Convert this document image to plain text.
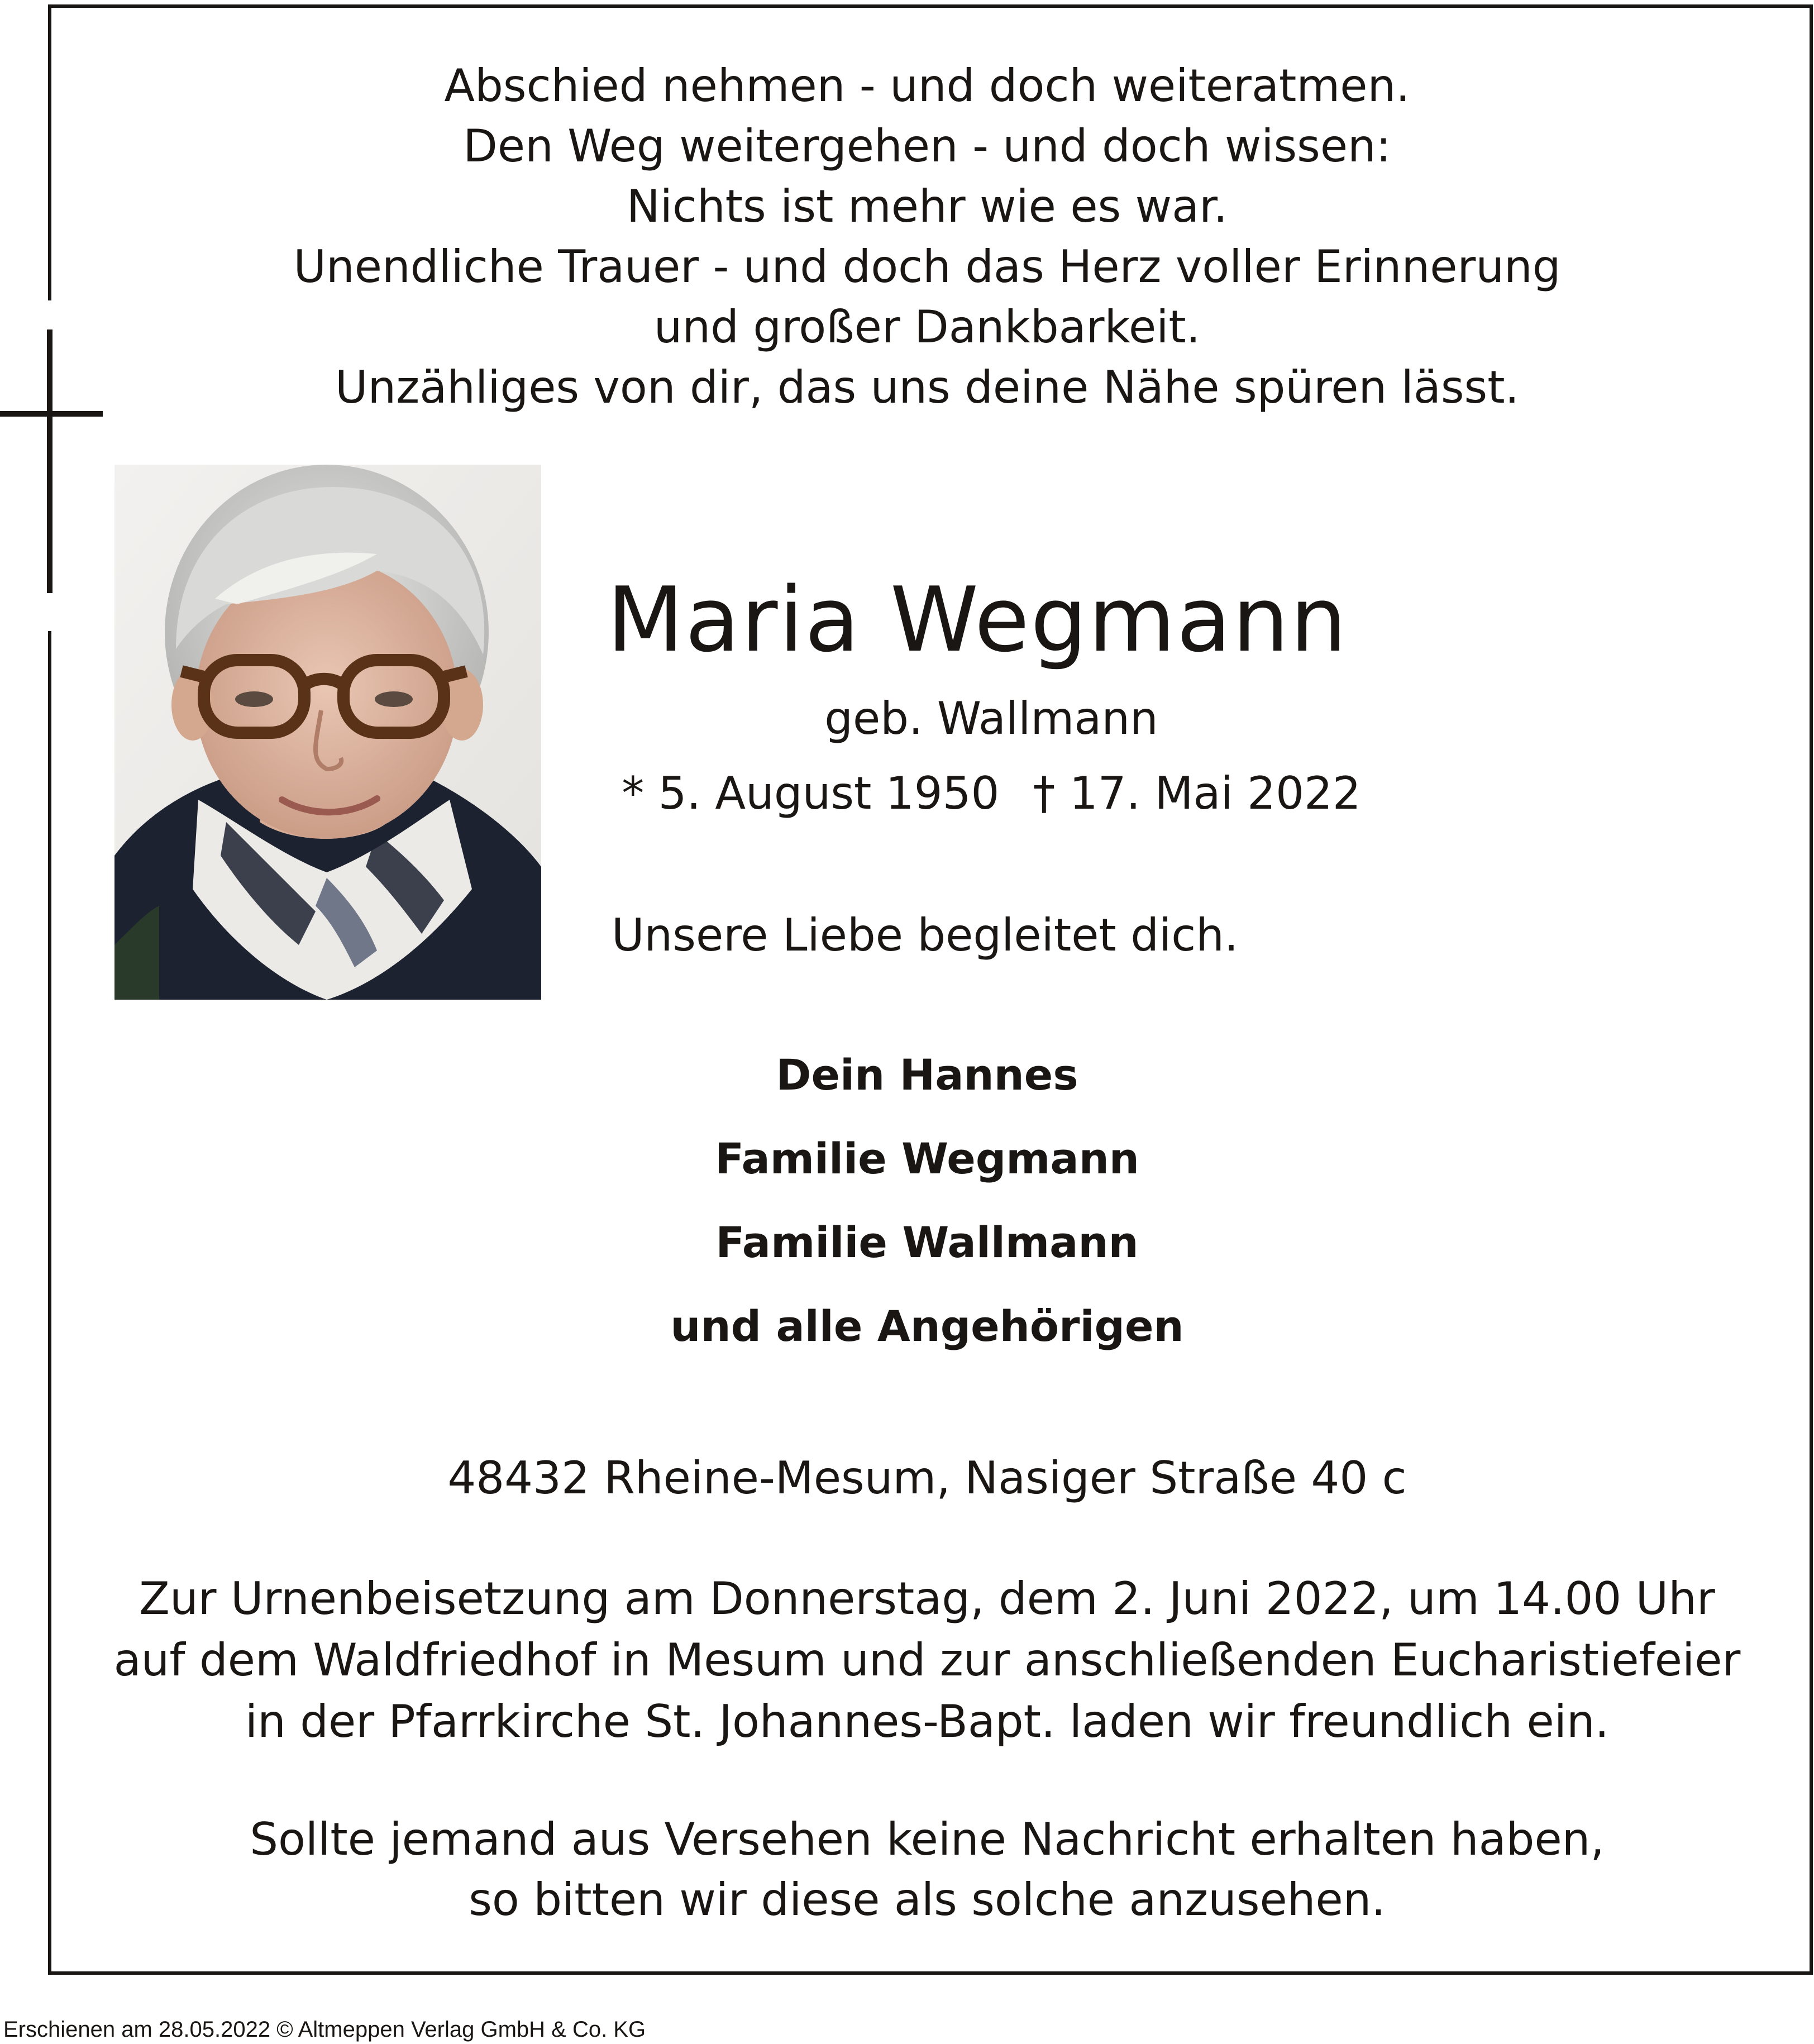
Abschied nehmen - und doch weiteratmen.
Den Weg weitergehen - und doch wissen:
Nichts ist mehr wie es war.
Unendliche Trauer - und doch das Herz voller Erinnerung
und großer Dankbarkeit.
Unzähliges von dir, das uns deine Nähe spüren lässt.
Maria Wegmann
geb. Wallmann
* 5. August 1950 † 17. Mai 2022
Unsere Liebe begleitet dich.
Dein Hannes
Familie Wegmann
Familie Wallmann
und alle Angehörigen
48432 Rheine-Mesum, Nasiger Straße 40 c
Zur Urnenbeisetzung am Donnerstag, dem 2. Juni 2022, um 14.00 Uhr
auf dem Waldfriedhof in Mesum und zur anschließenden Eucharistiefeier
in der Pfarrkirche St. Johannes-Bapt. laden wir freundlich ein.
Sollte jemand aus Versehen keine Nachricht erhalten haben,
so bitten wir diese als solche anzusehen.
Erschienen am 28.05.2022 © Altmeppen Verlag GmbH & Co. KG
